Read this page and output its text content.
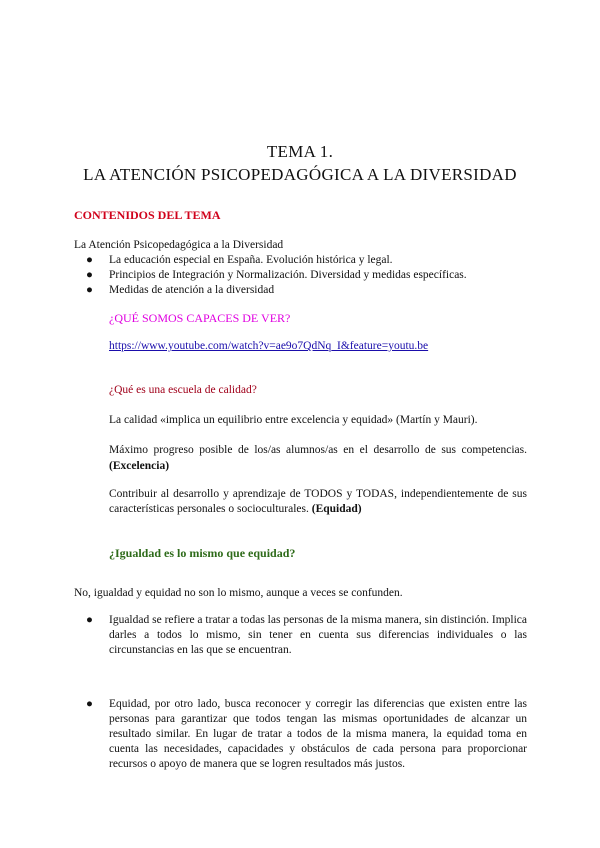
TEMA 1.
LA ATENCIÓN PSICOPEDAGÓGICA A LA DIVERSIDAD
CONTENIDOS DEL TEMA
La Atención Psicopedagógica a la Diversidad
● La educación especial en España. Evolución histórica y legal.
● Principios de Integración y Normalización. Diversidad y medidas específicas.
● Medidas de atención a la diversidad
¿QUÉ SOMOS CAPACES DE VER?
https://www.youtube.com/watch?v=ae9o7QdNq_I&feature=youtu.be
¿Qué es una escuela de calidad?
La calidad «implica un equilibrio entre excelencia y equidad» (Martín y Mauri).
Máximo progreso posible de los/as alumnos/as en el desarrollo de sus competencias.
(Excelencia)
Contribuir al desarrollo y aprendizaje de TODOS y TODAS, independientemente de sus características personales o socioculturales. (Equidad)
¿Igualdad es lo mismo que equidad?
No, igualdad y equidad no son lo mismo, aunque a veces se confunden.
● Igualdad se refiere a tratar a todas las personas de la misma manera, sin distinción. Implica darles a todos lo mismo, sin tener en cuenta sus diferencias individuales o las circunstancias en las que se encuentran.
● Equidad, por otro lado, busca reconocer y corregir las diferencias que existen entre las personas para garantizar que todos tengan las mismas oportunidades de alcanzar un resultado similar. En lugar de tratar a todos de la misma manera, la equidad toma en cuenta las necesidades, capacidades y obstáculos de cada persona para proporcionar recursos o apoyo de manera que se logren resultados más justos.
